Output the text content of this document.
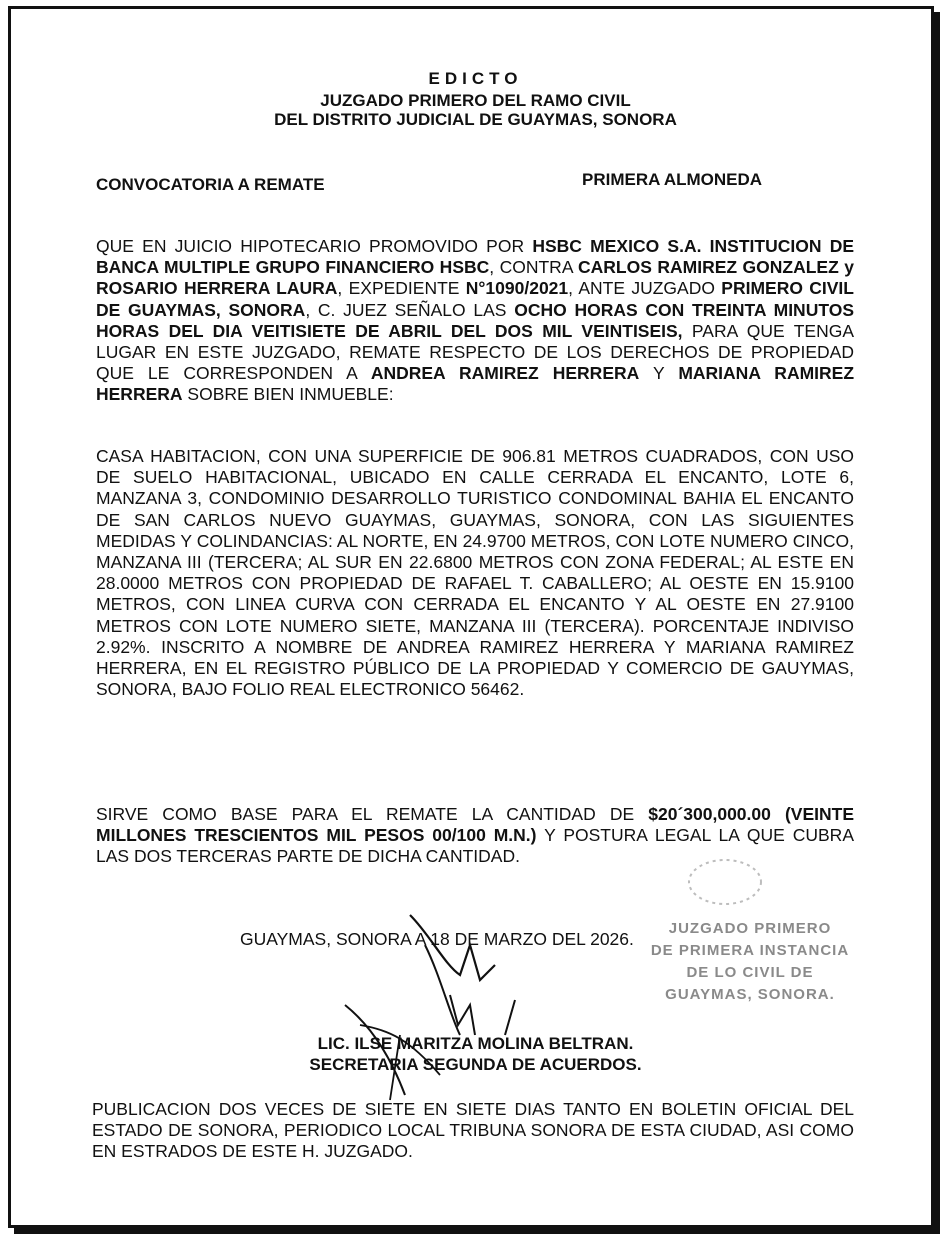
EDICTO
JUZGADO PRIMERO DEL RAMO CIVIL
DEL DISTRITO JUDICIAL DE GUAYMAS, SONORA
CONVOCATORIA A REMATE	PRIMERA ALMONEDA
QUE EN JUICIO HIPOTECARIO PROMOVIDO POR HSBC MEXICO S.A. INSTITUCION DE BANCA MULTIPLE GRUPO FINANCIERO HSBC, CONTRA CARLOS RAMIREZ GONZALEZ y ROSARIO HERRERA LAURA, EXPEDIENTE N°1090/2021, ANTE JUZGADO PRIMERO CIVIL DE GUAYMAS, SONORA, C. JUEZ SEÑALO LAS OCHO HORAS CON TREINTA MINUTOS HORAS DEL DIA VEITISIETE DE ABRIL DEL DOS MIL VEINTISEIS, PARA QUE TENGA LUGAR EN ESTE JUZGADO, REMATE RESPECTO DE LOS DERECHOS DE PROPIEDAD QUE LE CORRESPONDEN A ANDREA RAMIREZ HERRERA Y MARIANA RAMIREZ HERRERA SOBRE BIEN INMUEBLE:
CASA HABITACION, CON UNA SUPERFICIE DE 906.81 METROS CUADRADOS, CON USO DE SUELO HABITACIONAL, UBICADO EN CALLE CERRADA EL ENCANTO, LOTE 6, MANZANA 3, CONDOMINIO DESARROLLO TURISTICO CONDOMINAL BAHIA EL ENCANTO DE SAN CARLOS NUEVO GUAYMAS, GUAYMAS, SONORA, CON LAS SIGUIENTES MEDIDAS Y COLINDANCIAS: AL NORTE, EN 24.9700 METROS, CON LOTE NUMERO CINCO, MANZANA III (TERCERA; AL SUR EN 22.6800 METROS CON ZONA FEDERAL; AL ESTE EN 28.0000 METROS CON PROPIEDAD DE RAFAEL T. CABALLERO; AL OESTE EN 15.9100 METROS, CON LINEA CURVA CON CERRADA EL ENCANTO Y AL OESTE EN 27.9100 METROS CON LOTE NUMERO SIETE, MANZANA III (TERCERA). PORCENTAJE INDIVISO 2.92%. INSCRITO A NOMBRE DE ANDREA RAMIREZ HERRERA Y MARIANA RAMIREZ HERRERA, EN EL REGISTRO PÚBLICO DE LA PROPIEDAD Y COMERCIO DE GAUYMAS, SONORA, BAJO FOLIO REAL ELECTRONICO 56462.
SIRVE COMO BASE PARA EL REMATE LA CANTIDAD DE $20´300,000.00 (VEINTE MILLONES TRESCIENTOS MIL PESOS 00/100 M.N.) Y POSTURA LEGAL LA QUE CUBRA LAS DOS TERCERAS PARTE DE DICHA CANTIDAD.
GUAYMAS, SONORA A 18 DE MARZO DEL 2026.
JUZGADO PRIMERO
DE PRIMERA INSTANCIA
DE LO CIVIL DE
GUAYMAS, SONORA.
LIC. ILSE MARITZA MOLINA BELTRAN.
SECRETARIA SEGUNDA DE ACUERDOS.
PUBLICACION DOS VECES DE SIETE EN SIETE DIAS TANTO EN BOLETIN OFICIAL DEL ESTADO DE SONORA, PERIODICO LOCAL TRIBUNA SONORA DE ESTA CIUDAD, ASI COMO EN ESTRADOS DE ESTE H. JUZGADO.
